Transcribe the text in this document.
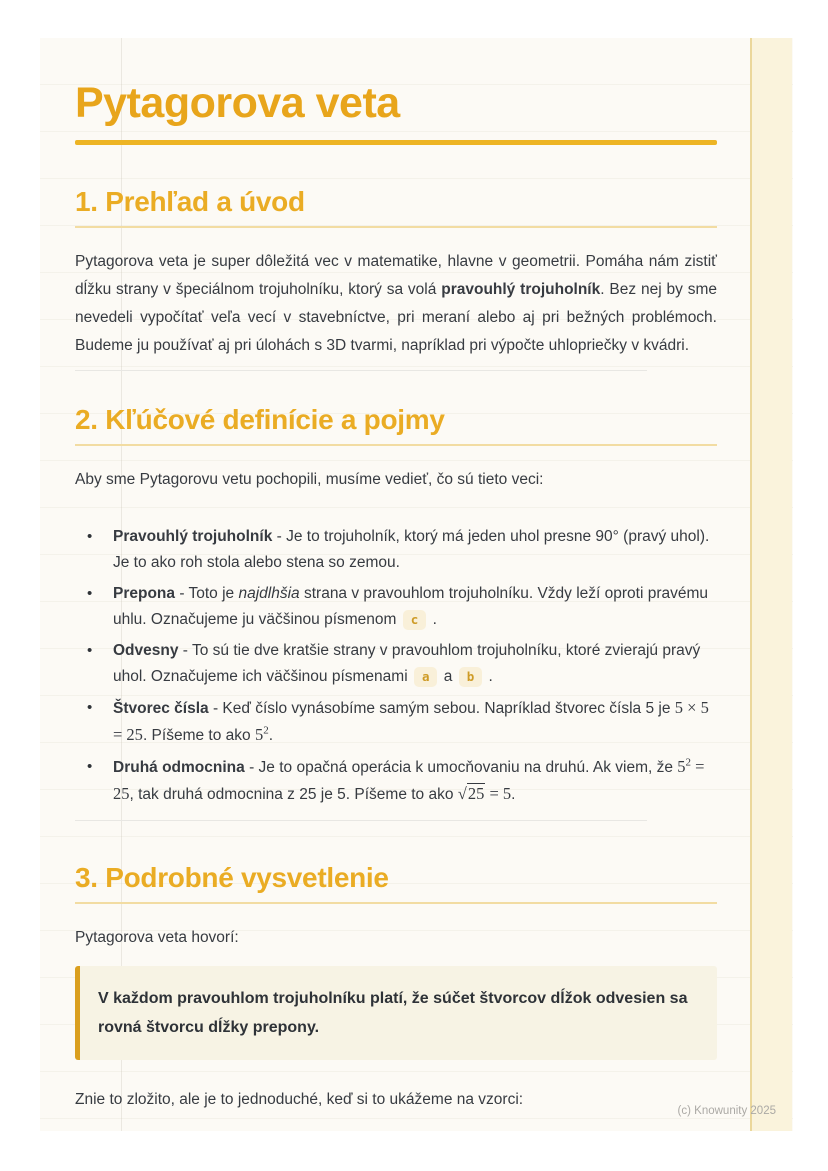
Pytagorova veta
1. Prehľad a úvod

Pytagorova veta je super dôležitá vec v matematike, hlavne v geometrii. Pomáha nám zistiť dĺžku strany v špeciálnom trojuholníku, ktorý sa volá pravouhlý trojuholník. Bez nej by sme nevedeli vypočítať veľa vecí v stavebníctve, pri meraní alebo aj pri bežných problémoch. Budeme ju používať aj pri úlohách s 3D tvarmi, napríklad pri výpočte uhlopriečky v kvádri.

2. Kľúčové definície a pojmy

Aby sme Pytagorovu vetu pochopili, musíme vedieť, čo sú tieto veci:

• Pravouhlý trojuholník - Je to trojuholník, ktorý má jeden uhol presne 90° (pravý uhol). Je to ako roh stola alebo stena so zemou.
• Prepona - Toto je najdlhšia strana v pravouhlom trojuholníku. Vždy leží oproti pravému uhlu. Označujeme ju väčšinou písmenom c .
• Odvesny - To sú tie dve kratšie strany v pravouhlom trojuholníku, ktoré zvierajú pravý uhol. Označujeme ich väčšinou písmenami a a b .
• Štvorec čísla - Keď číslo vynásobíme samým sebou. Napríklad štvorec čísla 5 je 5 × 5 = 25. Píšeme to ako $5^2$.
• Druhá odmocnina - Je to opačná operácia k umocňovaniu na druhú. Ak viem, že $5^2 = 25$, tak druhá odmocnina z 25 je 5. Píšeme to ako √25 = 5.
3. Podrobné vysvetlenie

Pytagorova veta hovorí:

V každom pravouhlom trojuholníku platí, že súčet štvorcov dĺžok odvesien sa rovná štvorcu dĺžky prepony.

Znie to zložito, ale je to jednoduché, keď si to ukážeme na vzorci:

(c) Knowunity 2025
